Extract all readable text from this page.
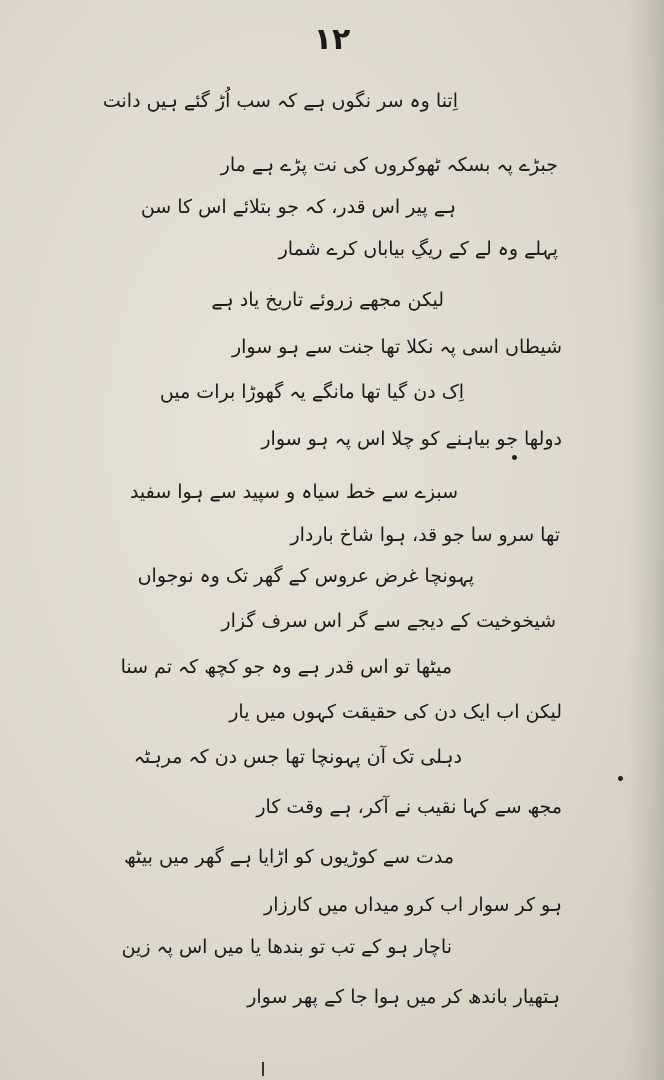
۱۲
اِتنا وہ سر نگوں ہے کہ سب اُڑ گئے ہیں دانت
جبڑے پہ بسکہ ٹھوکروں کی نت پڑے ہے مار
ہے پیر اس قدر، کہ جو بتلائے اس کا سن
پہلے وہ لے کے ریگِ بیاباں کرے شمار
لیکن مجھے زروئے تاریخ یاد ہے
شیطاں اسی پہ نکلا تھا جنت سے ہو سوار
اِک دن گیا تھا مانگے یہ گھوڑا برات میں
دولھا جو بیاہنے کو چلا اس پہ ہو سوار
سبزے سے خط سیاہ و سپید سے ہوا سفید
تھا سرو سا جو قد، ہوا شاخ باردار
پہونچا غرض عروس کے گھر تک وہ نوجواں
شیخوخیت کے دیجے سے گر اس سرف گزار
میٹھا تو اس قدر ہے وہ جو کچھ کہ تم سنا
لیکن اب ایک دن کی حقیقت کہوں میں یار
دہلی تک آن پہونچا تھا جس دن کہ مرہٹہ
مجھ سے کہا نقیب نے آکر، ہے وقت کار
مدت سے کوڑیوں کو اڑایا ہے گھر میں بیٹھ
ہو کر سوار اب کرو میداں میں کارزار
ناچار ہو کے تب تو بندھا یا میں اس پہ زین
ہتھیار باندھ کر میں ہوا جا کے پھر سوار
